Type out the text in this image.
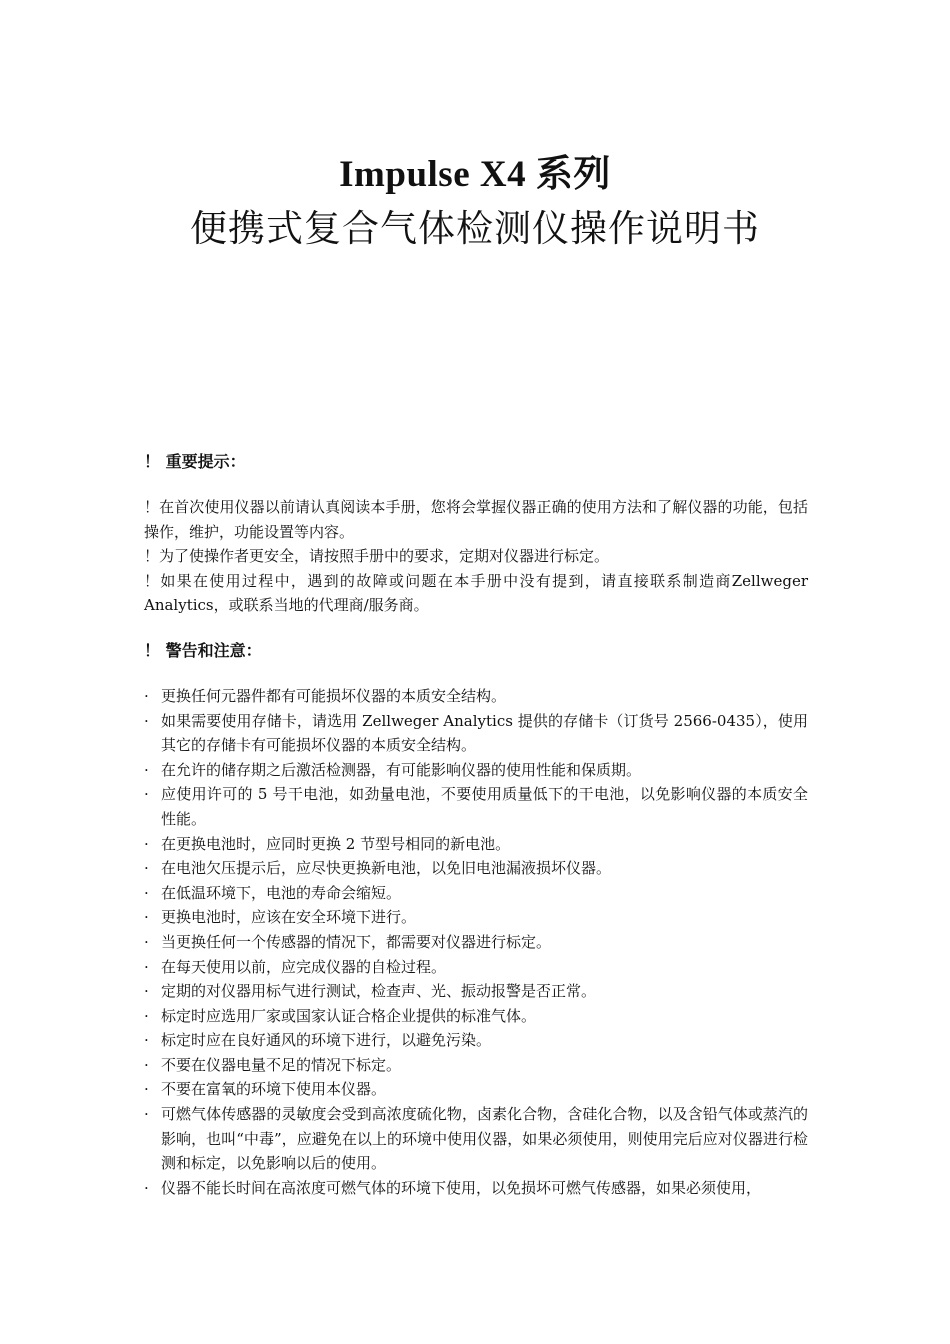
Impulse X4 系列
便携式复合气体检测仪操作说明书
！ 重要提示：
！在首次使用仪器以前请认真阅读本手册，您将会掌握仪器正确的使用方法和了解仪器的功能，包括操作，维护，功能设置等内容。
！为了使操作者更安全，请按照手册中的要求，定期对仪器进行标定。
！如果在使用过程中，遇到的故障或问题在本手册中没有提到，请直接联系制造商Zellweger Analytics，或联系当地的代理商/服务商。
！ 警告和注意：
· 更换任何元器件都有可能损坏仪器的本质安全结构。
· 如果需要使用存储卡，请选用 Zellweger Analytics 提供的存储卡（订货号 2566-0435），使用其它的存储卡有可能损坏仪器的本质安全结构。
· 在允许的储存期之后激活检测器，有可能影响仪器的使用性能和保质期。
· 应使用许可的 5 号干电池，如劲量电池，不要使用质量低下的干电池，以免影响仪器的本质安全性能。
· 在更换电池时，应同时更换 2 节型号相同的新电池。
· 在电池欠压提示后，应尽快更换新电池，以免旧电池漏液损坏仪器。
· 在低温环境下，电池的寿命会缩短。
· 更换电池时，应该在安全环境下进行。
· 当更换任何一个传感器的情况下，都需要对仪器进行标定。
· 在每天使用以前，应完成仪器的自检过程。
· 定期的对仪器用标气进行测试，检查声、光、振动报警是否正常。
· 标定时应选用厂家或国家认证合格企业提供的标准气体。
· 标定时应在良好通风的环境下进行，以避免污染。
· 不要在仪器电量不足的情况下标定。
· 不要在富氧的环境下使用本仪器。
· 可燃气体传感器的灵敏度会受到高浓度硫化物，卤素化合物，含硅化合物，以及含铅气体或蒸汽的影响，也叫“中毒”，应避免在以上的环境中使用仪器，如果必须使用，则使用完后应对仪器进行检测和标定，以免影响以后的使用。
· 仪器不能长时间在高浓度可燃气体的环境下使用，以免损坏可燃气传感器，如果必须使用，
